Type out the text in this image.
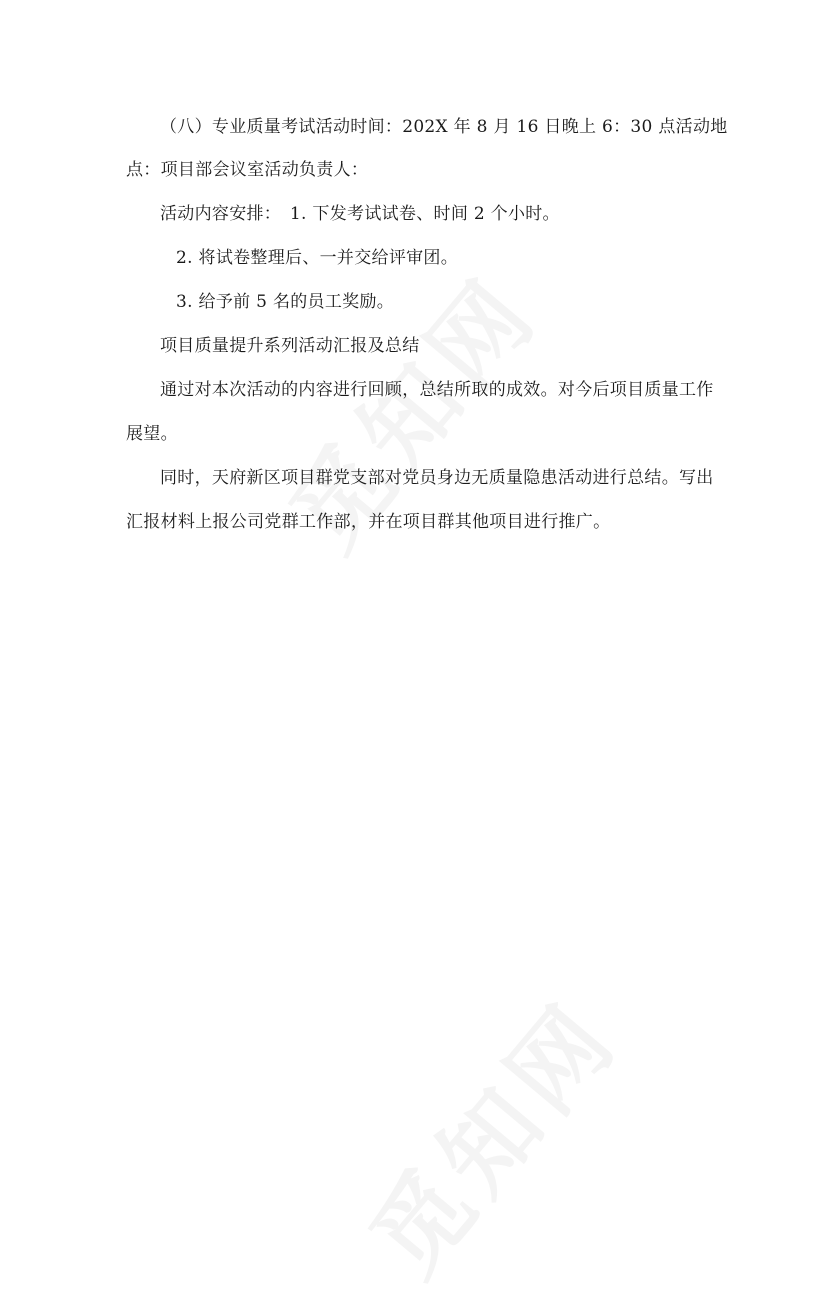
（八）专业质量考试活动时间：202X 年 8 月 16 日晚上 6：30 点活动地
点：项目部会议室活动负责人：
活动内容安排：　1. 下发考试试卷、时间 2 个小时。
2. 将试卷整理后、一并交给评审团。
3. 给予前 5 名的员工奖励。
项目质量提升系列活动汇报及总结
通过对本次活动的内容进行回顾，总结所取的成效。对今后项目质量工作
展望。
同时，天府新区项目群党支部对党员身边无质量隐患活动进行总结。写出
汇报材料上报公司党群工作部，并在项目群其他项目进行推广。
